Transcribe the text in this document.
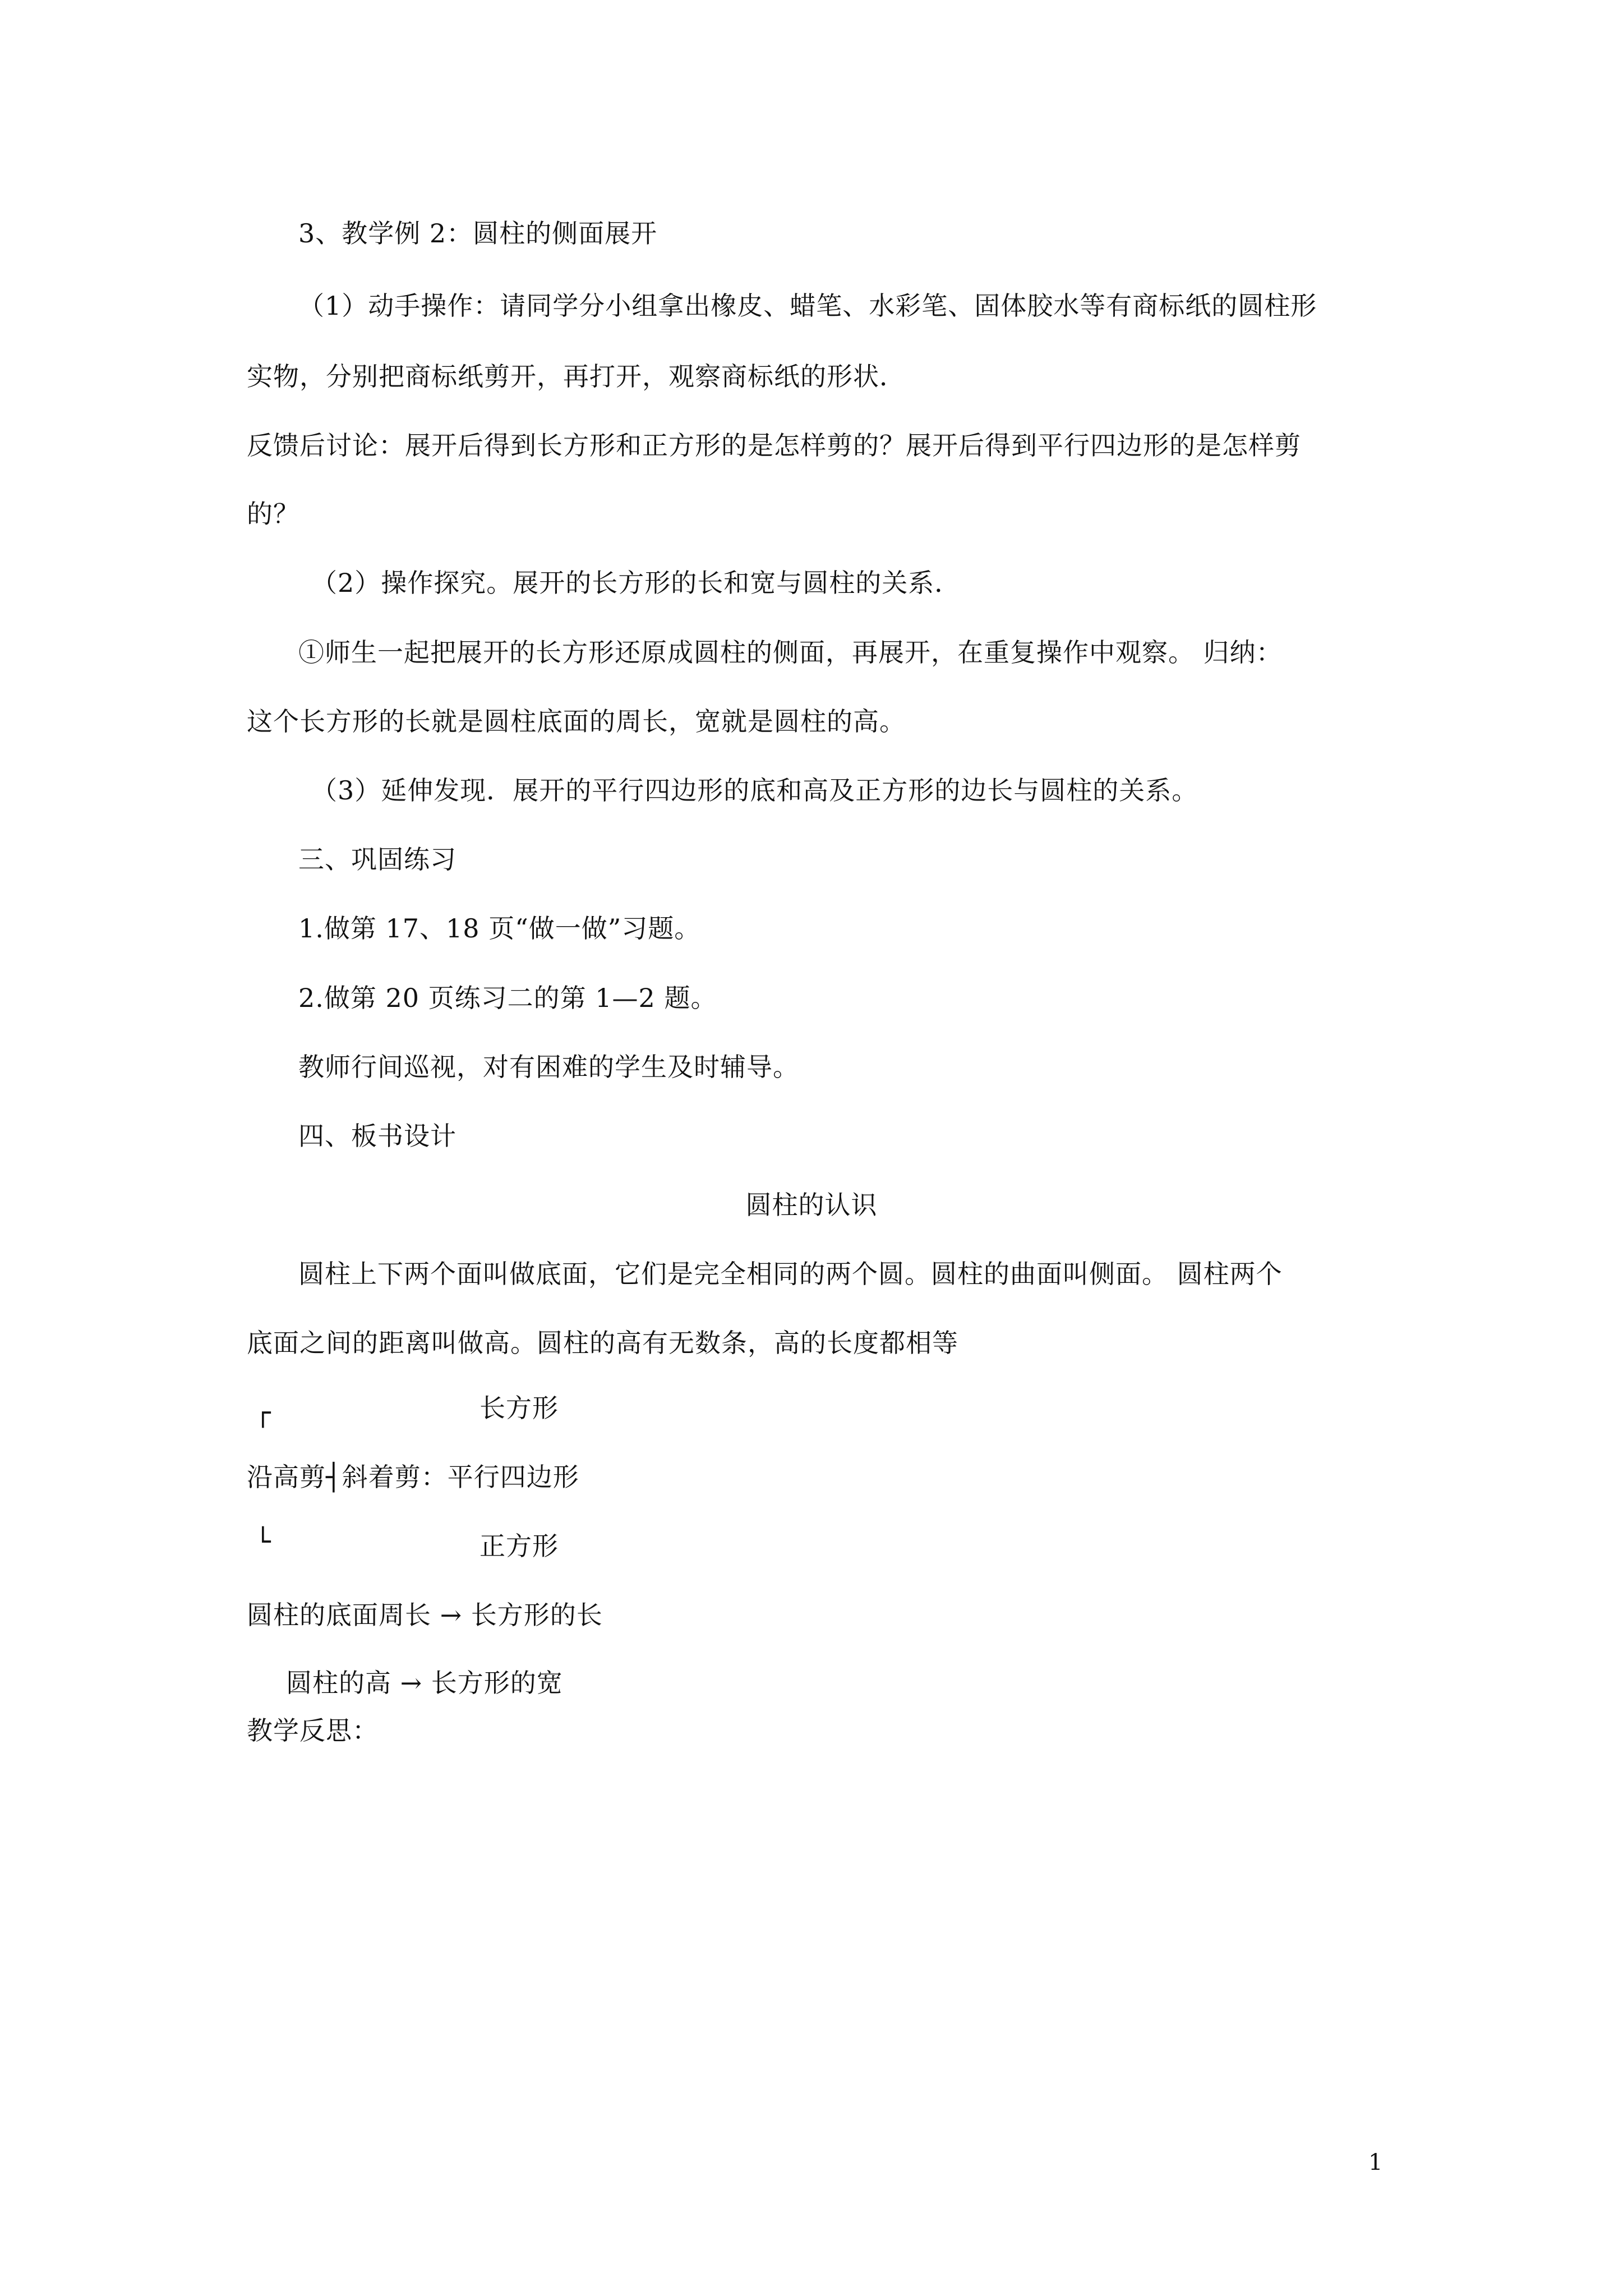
3、教学例 2：圆柱的侧面展开
（1）动手操作：请同学分小组拿出橡皮、蜡笔、水彩笔、固体胶水等有商标纸的圆柱形
实物，分别把商标纸剪开，再打开，观察商标纸的形状．
反馈后讨论：展开后得到长方形和正方形的是怎样剪的？展开后得到平行四边形的是怎样剪
的？
（2）操作探究。展开的长方形的长和宽与圆柱的关系．
①师生一起把展开的长方形还原成圆柱的侧面，再展开，在重复操作中观察。 归纳：
这个长方形的长就是圆柱底面的周长，宽就是圆柱的高。
（3）延伸发现．展开的平行四边形的底和高及正方形的边长与圆柱的关系。
三、巩固练习
1.做第 17、18 页“做一做”习题。
2.做第 20 页练习二的第 1—2 题。
教师行间巡视，对有困难的学生及时辅导。
四、板书设计
圆柱的认识
圆柱上下两个面叫做底面，它们是完全相同的两个圆。圆柱的曲面叫侧面。 圆柱两个
底面之间的距离叫做高。圆柱的高有无数条，高的长度都相等
┌	长方形
沿高剪┤斜着剪：平行四边形
└	正方形
圆柱的底面周长 → 长方形的长
圆柱的高 → 长方形的宽
教学反思：
1
